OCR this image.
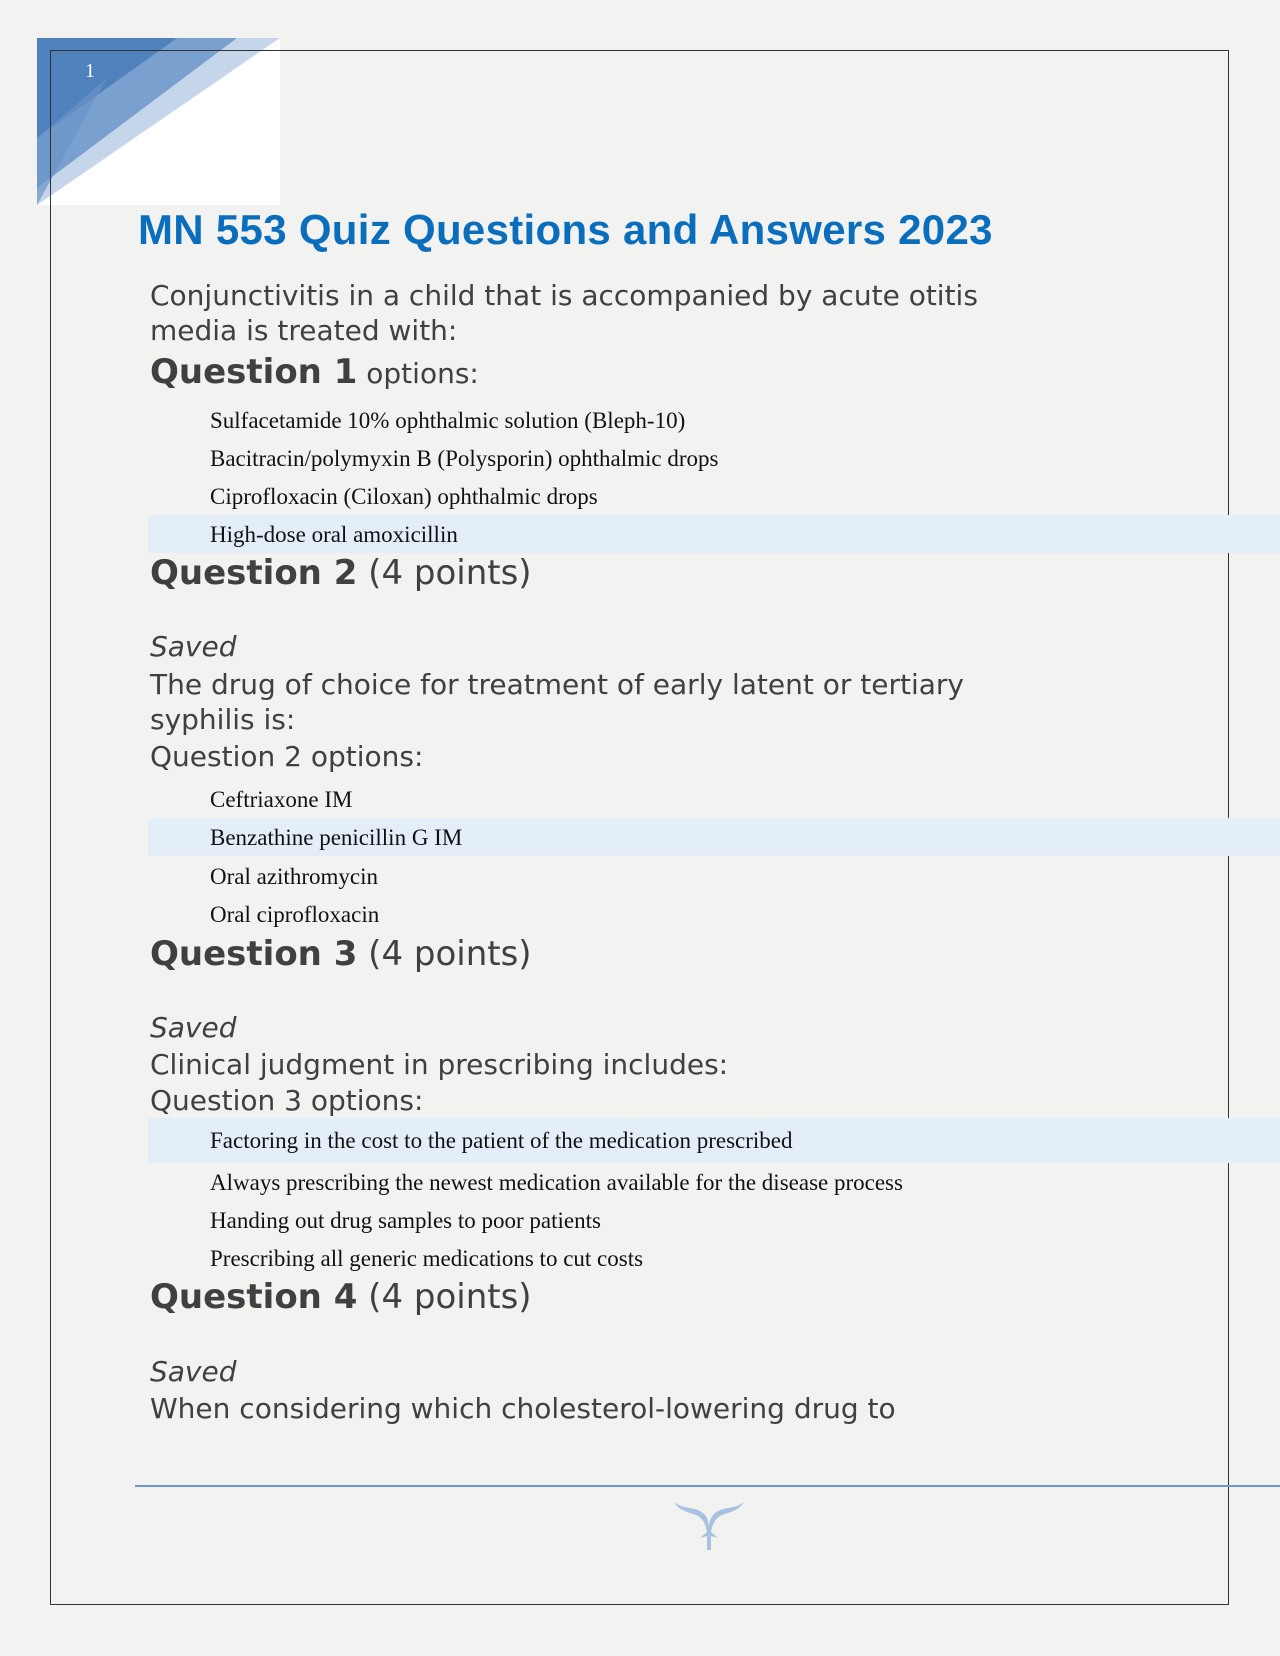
1
MN 553 Quiz Questions and Answers 2023
Conjunctivitis in a child that is accompanied by acute otitis
media is treated with:
Question 1 options:
Sulfacetamide 10% ophthalmic solution (Bleph-10)
Bacitracin/polymyxin B (Polysporin) ophthalmic drops
Ciprofloxacin (Ciloxan) ophthalmic drops
High-dose oral amoxicillin
Question 2 (4 points)
Saved
The drug of choice for treatment of early latent or tertiary
syphilis is:
Question 2 options:
Ceftriaxone IM
Benzathine penicillin G IM
Oral azithromycin
Oral ciprofloxacin
Question 3 (4 points)
Saved
Clinical judgment in prescribing includes:
Question 3 options:
Factoring in the cost to the patient of the medication prescribed
Always prescribing the newest medication available for the disease process
Handing out drug samples to poor patients
Prescribing all generic medications to cut costs
Question 4 (4 points)
Saved
When considering which cholesterol-lowering drug to
